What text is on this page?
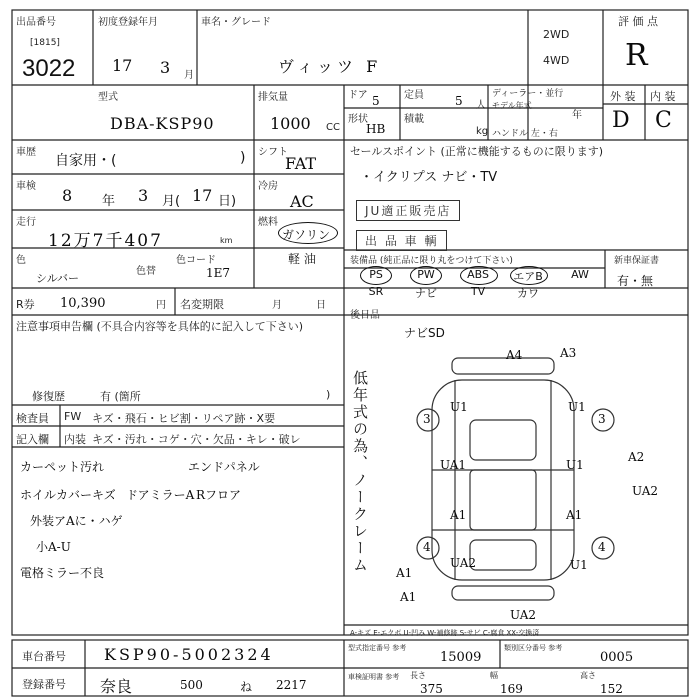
出品番号
[1815]
3022
初度登録年月
17 3 月
車名・グレード
ヴィッツ F
2WD
4WD
評 価 点
R
型式
DBA-KSP90
排気量
1000 CC
ドア 5 定員	5 人
形状
HB
積載
kg
ディーラー・並行
モデル年式
年
ハンドル 左・右
外 装 内 装
D C
車歴
自家用・(	) シフト
FAT
車検 8 年 3 月( 17 日)
冷房
AC
走行
12万7千407	km
燃料
ガソリン
軽 油
色
シルバー
色替
色コード
1E7
セールスポイント (正常に機能するものに限ります)
・イクリプス ナビ・TV
JU適正販売店
出 品 車 輌
装備品 (純正品に限り丸をつけて下さい)	新車保証書
有・無
PS	PW	ABS	エアB	AW
SR	ナビ	TV	カワ
R券 10,390	円 名変期限	月	日
後日品
ナビSD
注意事項申告欄 (不具合内容等を具体的に記入して下さい)
修復歴	有 (箇所	)
検査員
記入欄
FW キズ・飛石・ヒビ割・リペア跡・X要
内装 キズ・汚れ・コゲ・穴・欠品・キレ・破レ
カーペット汚れ	エンドパネル
ホイルカバーキズ ドアミラーA Rフロア
外装アAに・ハゲ
小A-U
電格ミラー不良	低年式の為、ノークレーム
A4	A3
U1	U1
UA1	U1
A2
UA2
A1	A1
UA2
A1
U1
A1
UA2
3	3
4	4
A-キズ E-エクボ U-凹み W-補修跡 S-サビ C-腐食 XX-交換済
車台番号 KSP90-5002324
登録番号 奈良	500	ね 2217
型式指定番号 参考
15009
類別区分番号 参考
0005
車検証明書 参考	長さ
375
幅
169
高さ
152
